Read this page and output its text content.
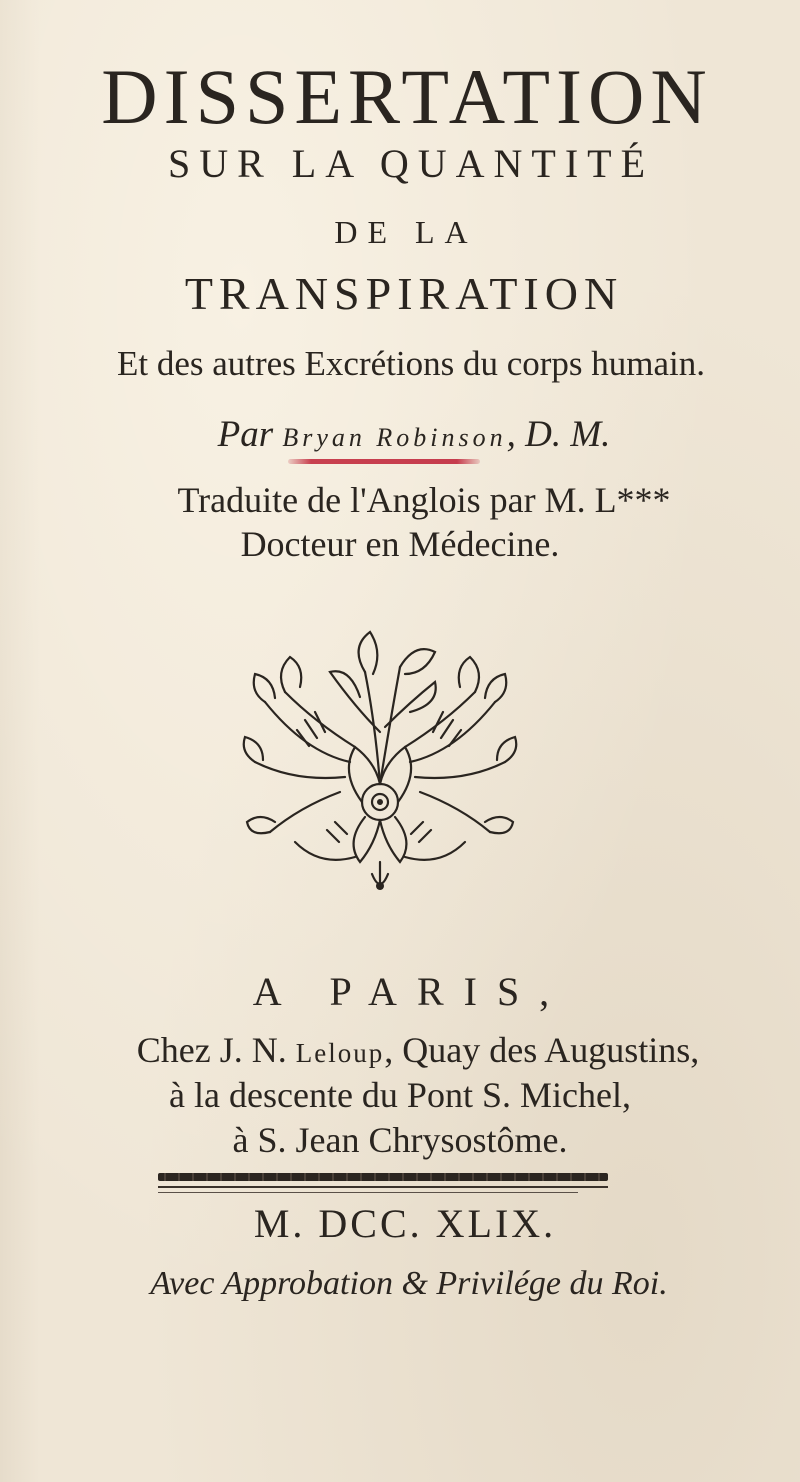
DISSERTATION

SUR LA QUANTITÉ

DE LA

TRANSPIRATION

Et des autres Excrétions du corps humain.

Par Bryan Robinson, D. M.

Traduite de l'Anglois par M. L***

Docteur en Médecine.

A PARIS,

Chez J. N. Leloup, Quay des Augustins,

à la descente du Pont S. Michel,

à S. Jean Chrysostôme.

M. DCC. XLIX.

Avec Approbation & Privilége du Roi.
